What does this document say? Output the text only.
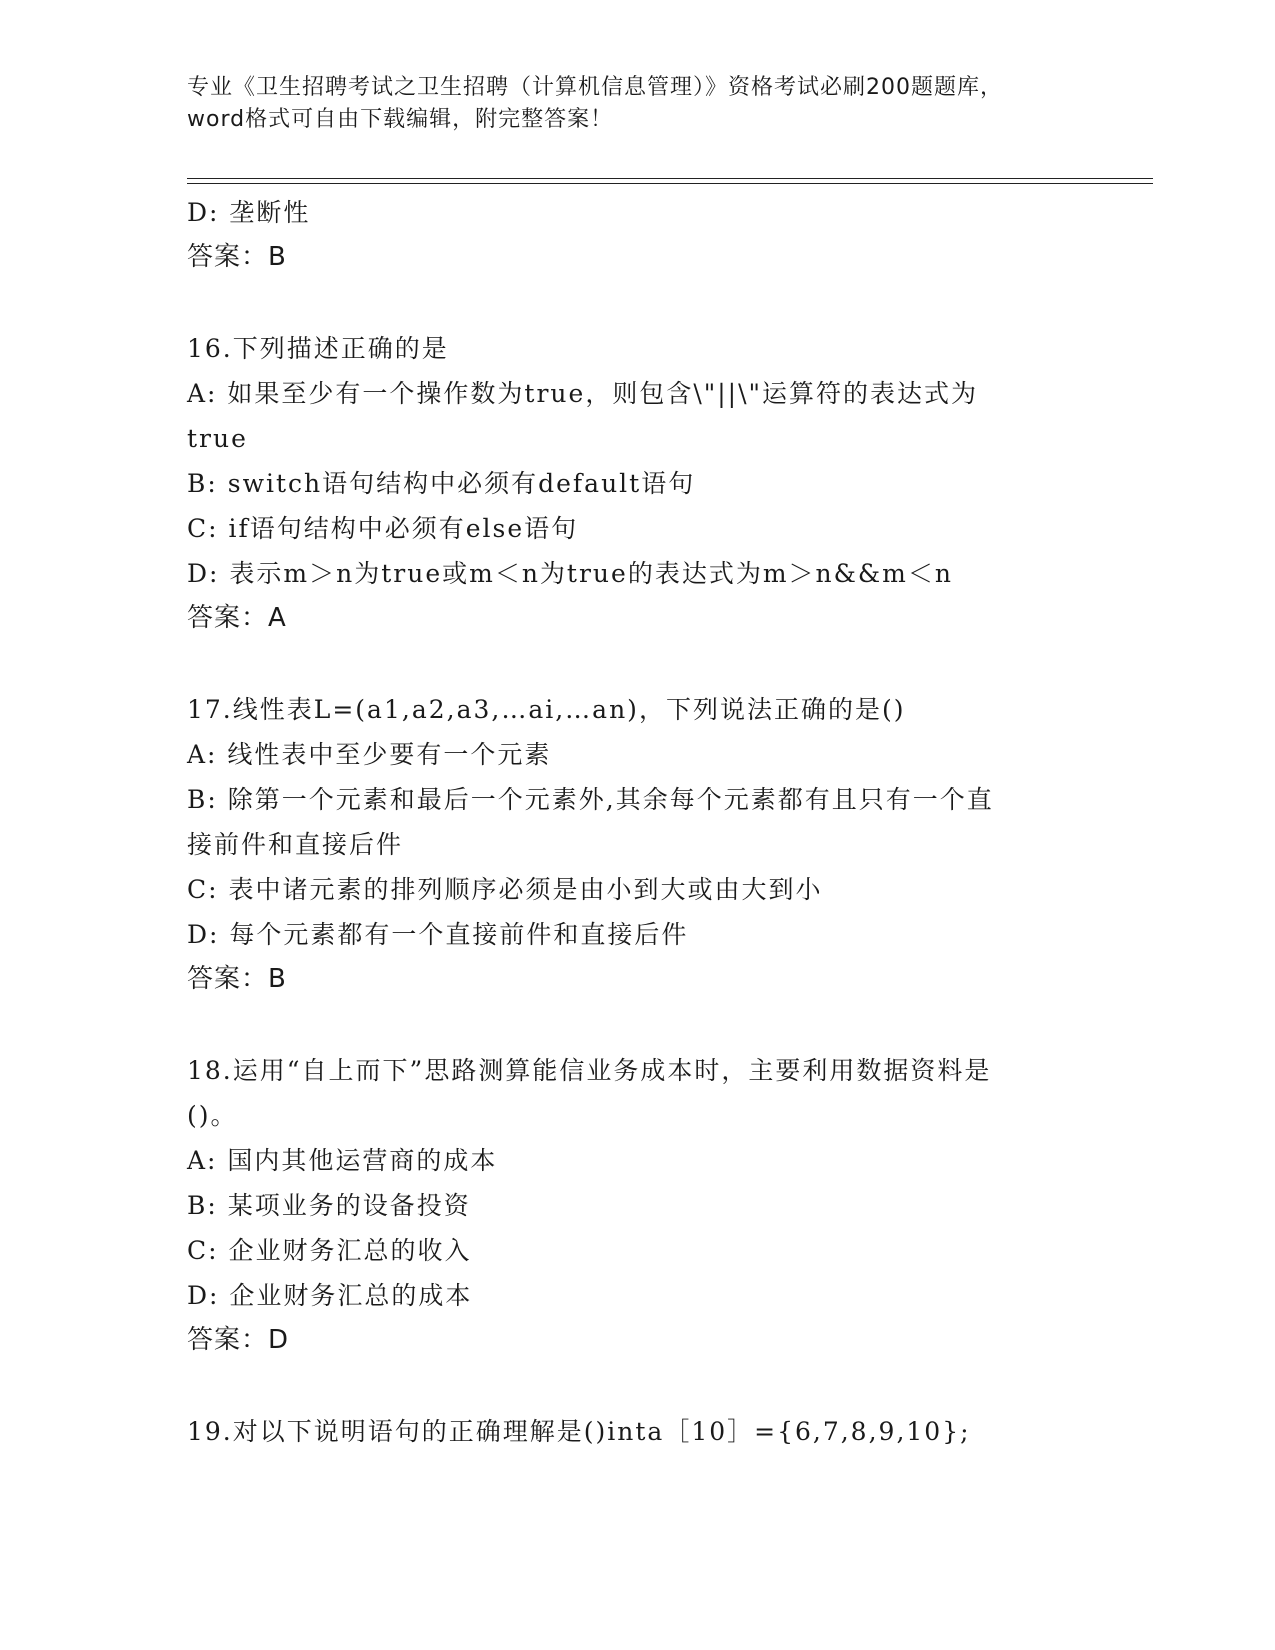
专业《卫生招聘考试之卫生招聘（计算机信息管理）》资格考试必刷200题题库，
word格式可自由下载编辑，附完整答案！
D: 垄断性
答案：B
16.下列描述正确的是
A: 如果至少有一个操作数为true，则包含\"||\"运算符的表达式为
true
B: switch语句结构中必须有default语句
C: if语句结构中必须有else语句
D: 表示m＞n为true或m＜n为true的表达式为m＞n&&m＜n
答案：A
17.线性表L=(a1,a2,a3,…ai,…an)，下列说法正确的是()
A: 线性表中至少要有一个元素
B: 除第一个元素和最后一个元素外,其余每个元素都有且只有一个直
接前件和直接后件
C: 表中诸元素的排列顺序必须是由小到大或由大到小
D: 每个元素都有一个直接前件和直接后件
答案：B
18.运用“自上而下”思路测算能信业务成本时，主要利用数据资料是
()。
A: 国内其他运营商的成本
B: 某项业务的设备投资
C: 企业财务汇总的收入
D: 企业财务汇总的成本
答案：D
19.对以下说明语句的正确理解是()inta［10］={6,7,8,9,10};
